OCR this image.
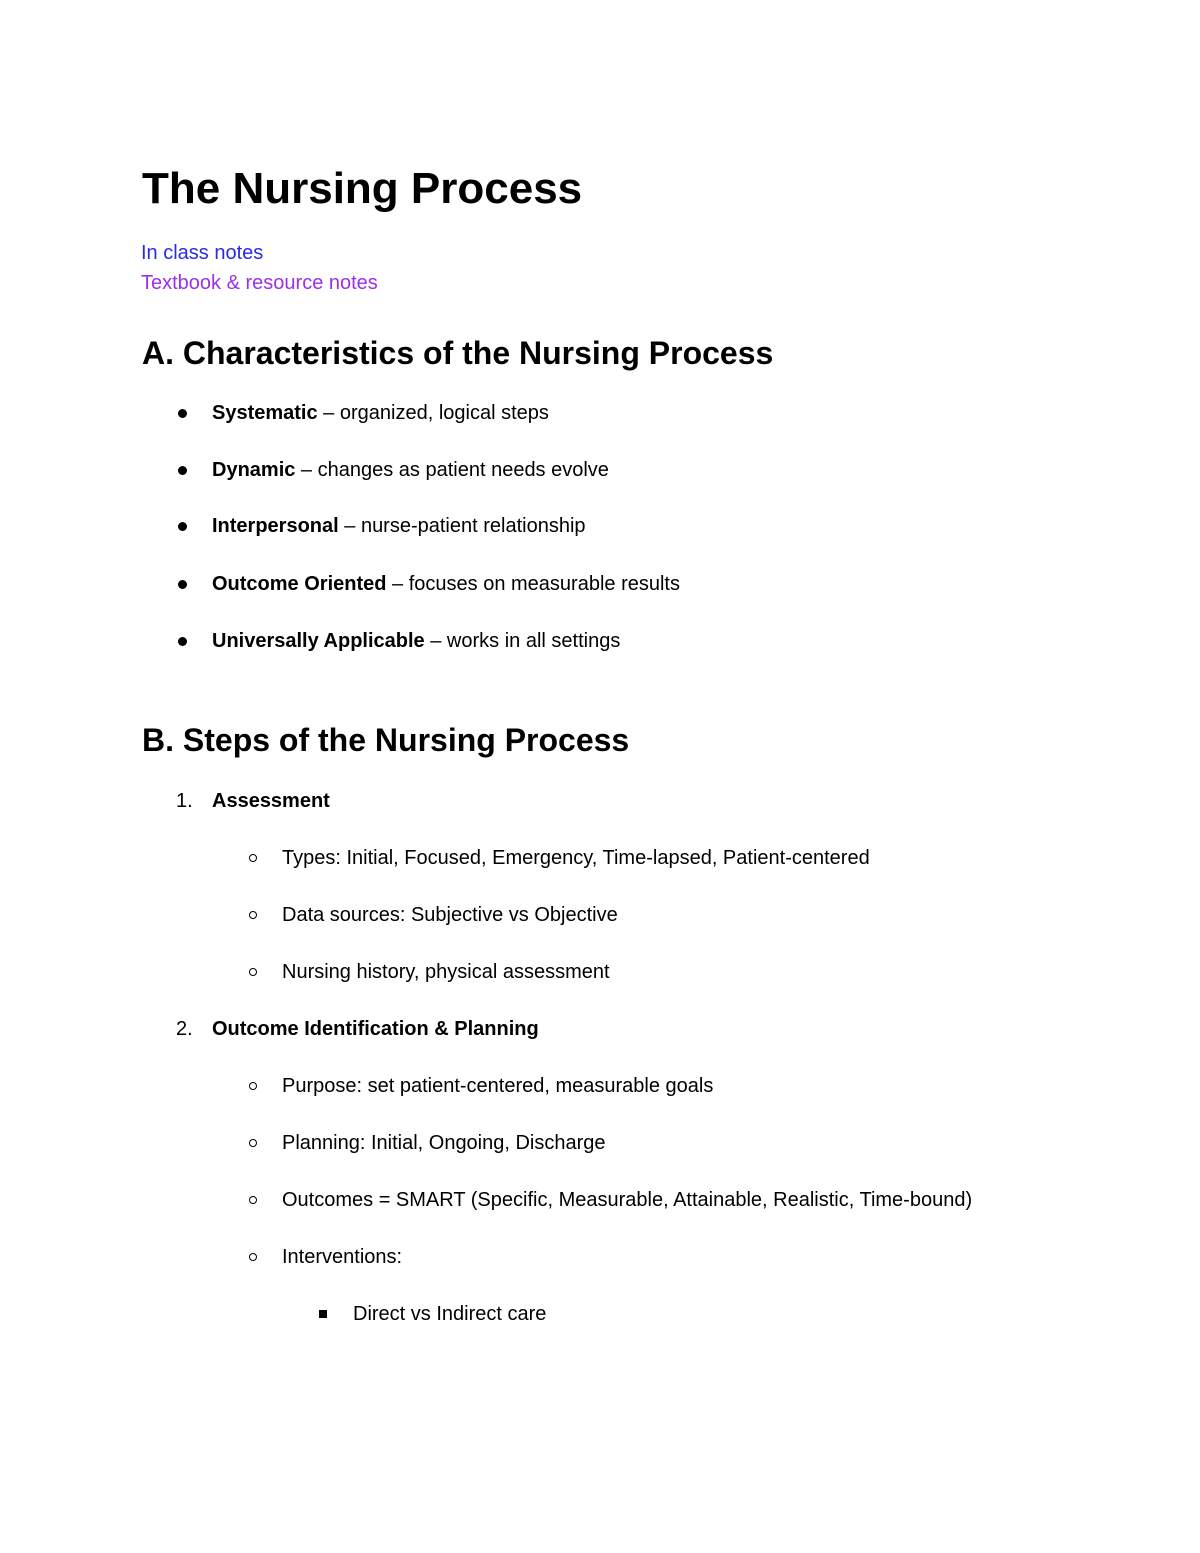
The Nursing Process
In class notes
Textbook & resource notes
A. Characteristics of the Nursing Process
Systematic – organized, logical steps
Dynamic – changes as patient needs evolve
Interpersonal – nurse-patient relationship
Outcome Oriented – focuses on measurable results
Universally Applicable – works in all settings
B. Steps of the Nursing Process
1. Assessment
Types: Initial, Focused, Emergency, Time-lapsed, Patient-centered
Data sources: Subjective vs Objective
Nursing history, physical assessment
2. Outcome Identification & Planning
Purpose: set patient-centered, measurable goals
Planning: Initial, Ongoing, Discharge
Outcomes = SMART (Specific, Measurable, Attainable, Realistic, Time-bound)
Interventions:
Direct vs Indirect care
